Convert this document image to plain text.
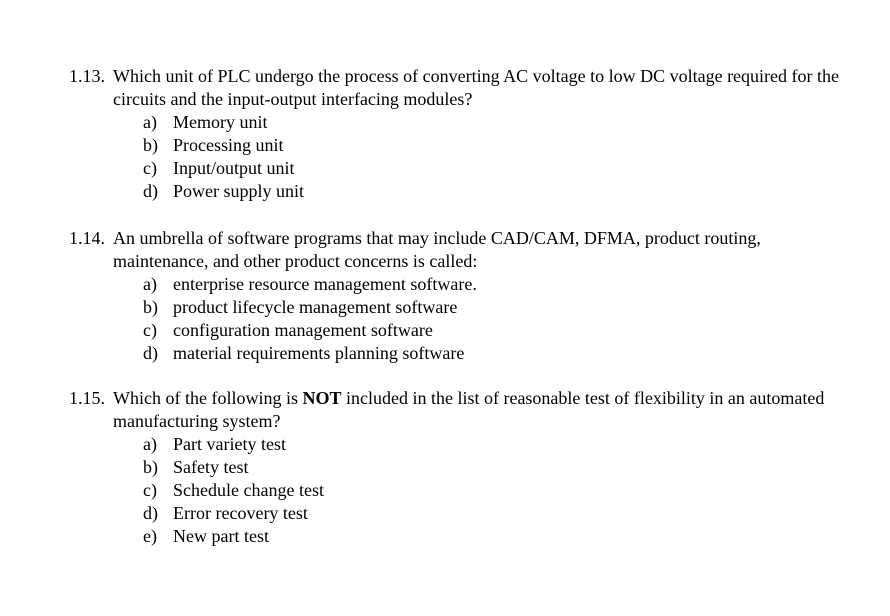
1.13. Which unit of PLC undergo the process of converting AC voltage to low DC voltage required for the circuits and the input-output interfacing modules?
a) Memory unit
b) Processing unit
c) Input/output unit
d) Power supply unit
1.14. An umbrella of software programs that may include CAD/CAM, DFMA, product routing, maintenance, and other product concerns is called:
a) enterprise resource management software.
b) product lifecycle management software
c) configuration management software
d) material requirements planning software
1.15. Which of the following is NOT included in the list of reasonable test of flexibility in an automated manufacturing system?
a) Part variety test
b) Safety test
c) Schedule change test
d) Error recovery test
e) New part test
